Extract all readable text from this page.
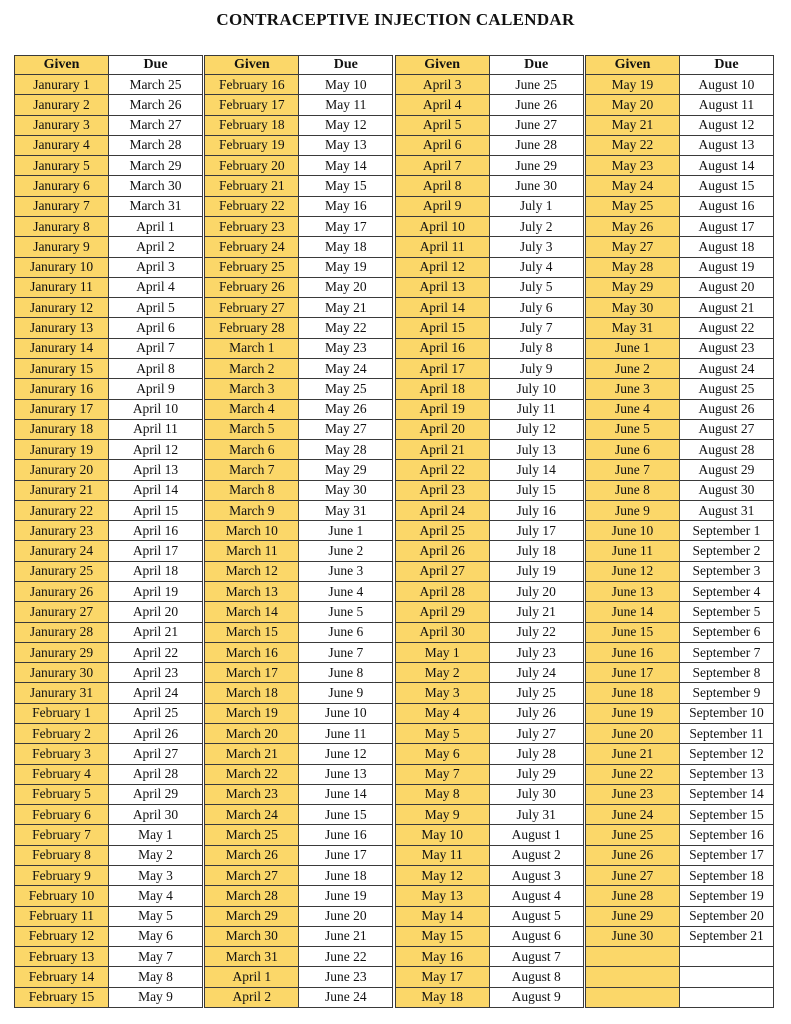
CONTRACEPTIVE INJECTION CALENDAR
Given	Due
Janurary 1	March 25
Janurary 2	March 26
Janurary 3	March 27
Janurary 4	March 28
Janurary 5	March 29
Janurary 6	March 30
Janurary 7	March 31
Janurary 8	April 1
Janurary 9	April 2
Janurary 10	April 3
Janurary 11	April 4
Janurary 12	April 5
Janurary 13	April 6
Janurary 14	April 7
Janurary 15	April 8
Janurary 16	April 9
Janurary 17	April 10
Janurary 18	April 11
Janurary 19	April 12
Janurary 20	April 13
Janurary 21	April 14
Janurary 22	April 15
Janurary 23	April 16
Janurary 24	April 17
Janurary 25	April 18
Janurary 26	April 19
Janurary 27	April 20
Janurary 28	April 21
Janurary 29	April 22
Janurary 30	April 23
Janurary 31	April 24
February 1	April 25
February 2	April 26
February 3	April 27
February 4	April 28
February 5	April 29
February 6	April 30
February 7	May 1
February 8	May 2
February 9	May 3
February 10	May 4
February 11	May 5
February 12	May 6
February 13	May 7
February 14	May 8
February 15	May 9
Given	Due
February 16	May 10
February 17	May 11
February 18	May 12
February 19	May 13
February 20	May 14
February 21	May 15
February 22	May 16
February 23	May 17
February 24	May 18
February 25	May 19
February 26	May 20
February 27	May 21
February 28	May 22
March 1	May 23
March 2	May 24
March 3	May 25
March 4	May 26
March 5	May 27
March 6	May 28
March 7	May 29
March 8	May 30
March 9	May 31
March 10	June 1
March 11	June 2
March 12	June 3
March 13	June 4
March 14	June 5
March 15	June 6
March 16	June 7
March 17	June 8
March 18	June 9
March 19	June 10
March 20	June 11
March 21	June 12
March 22	June 13
March 23	June 14
March 24	June 15
March 25	June 16
March 26	June 17
March 27	June 18
March 28	June 19
March 29	June 20
March 30	June 21
March 31	June 22
April 1	June 23
April 2	June 24
Given	Due
April 3	June 25
April 4	June 26
April 5	June 27
April 6	June 28
April 7	June 29
April 8	June 30
April 9	July 1
April 10	July 2
April 11	July 3
April 12	July 4
April 13	July 5
April 14	July 6
April 15	July 7
April 16	July 8
April 17	July 9
April 18	July 10
April 19	July 11
April 20	July 12
April 21	July 13
April 22	July 14
April 23	July 15
April 24	July 16
April 25	July 17
April 26	July 18
April 27	July 19
April 28	July 20
April 29	July 21
April 30	July 22
May 1	July 23
May 2	July 24
May 3	July 25
May 4	July 26
May 5	July 27
May 6	July 28
May 7	July 29
May 8	July 30
May 9	July 31
May 10	August 1
May 11	August 2
May 12	August 3
May 13	August 4
May 14	August 5
May 15	August 6
May 16	August 7
May 17	August 8
May 18	August 9
Given	Due
May 19	August 10
May 20	August 11
May 21	August 12
May 22	August 13
May 23	August 14
May 24	August 15
May 25	August 16
May 26	August 17
May 27	August 18
May 28	August 19
May 29	August 20
May 30	August 21
May 31	August 22
June 1	August 23
June 2	August 24
June 3	August 25
June 4	August 26
June 5	August 27
June 6	August 28
June 7	August 29
June 8	August 30
June 9	August 31
June 10	September 1
June 11	September 2
June 12	September 3
June 13	September 4
June 14	September 5
June 15	September 6
June 16	September 7
June 17	September 8
June 18	September 9
June 19	September 10
June 20	September 11
June 21	September 12
June 22	September 13
June 23	September 14
June 24	September 15
June 25	September 16
June 26	September 17
June 27	September 18
June 28	September 19
June 29	September 20
June 30	September 21
